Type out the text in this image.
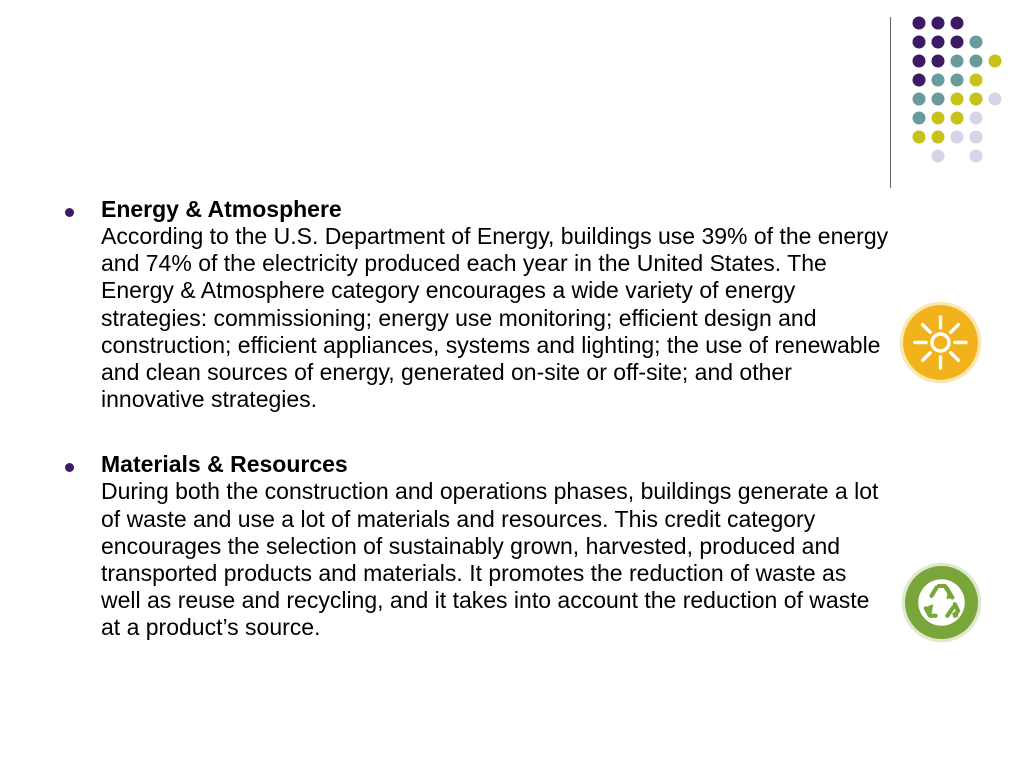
Energy & Atmosphere
According to the U.S. Department of Energy, buildings use 39% of the energy and 74% of the electricity produced each year in the United States. The Energy & Atmosphere category encourages a wide variety of energy strategies: commissioning; energy use monitoring; efficient design and construction; efficient appliances, systems and lighting; the use of renewable and clean sources of energy, generated on-site or off-site; and other innovative strategies.
Materials & Resources
During both the construction and operations phases, buildings generate a lot of waste and use a lot of materials and resources. This credit category encourages the selection of sustainably grown, harvested, produced and transported products and materials. It promotes the reduction of waste as well as reuse and recycling, and it takes into account the reduction of waste at a product’s source.
